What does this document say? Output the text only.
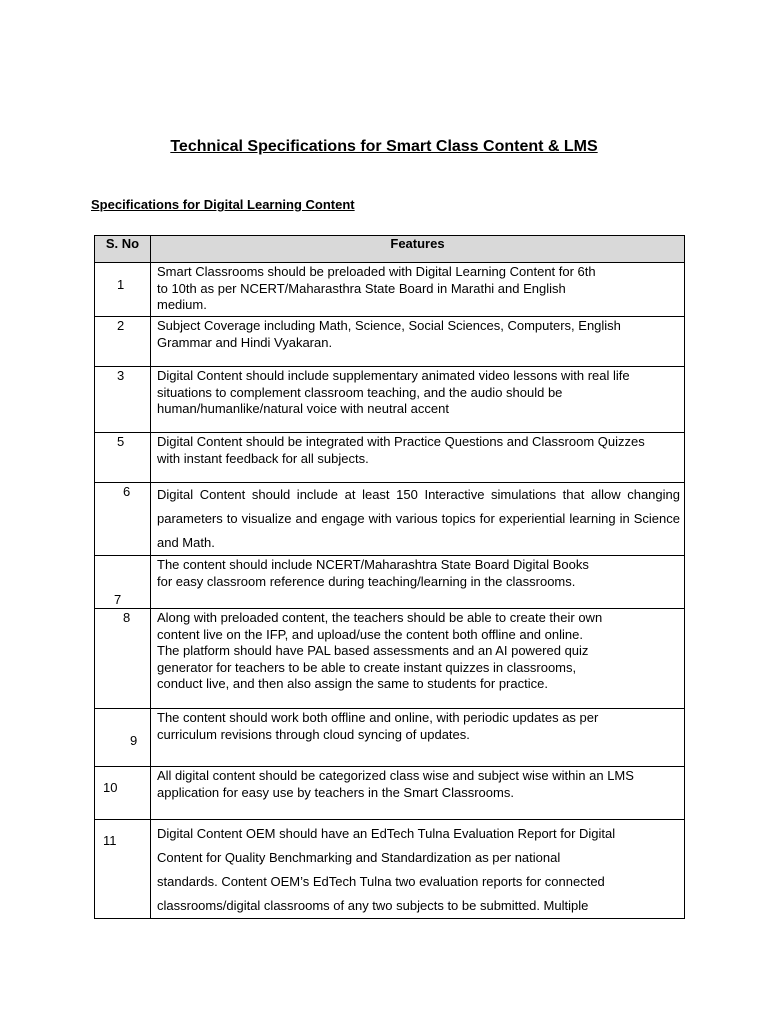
Technical Specifications for Smart Class Content & LMS
Specifications for Digital Learning Content
S. No	Features

1	Smart Classrooms should be preloaded with Digital Learning Content for 6th
to 10th as per NCERT/Maharasthra State Board in Marathi and English
medium.

2	Subject Coverage including Math, Science, Social Sciences, Computers, English
Grammar and Hindi Vyakaran.

3	Digital Content should include supplementary animated video lessons with real life
situations to complement classroom teaching, and the audio should be
human/humanlike/natural voice with neutral accent

5	Digital Content should be integrated with Practice Questions and Classroom Quizzes
with instant feedback for all subjects.

6	Digital Content should include at least 150 Interactive simulations that allow changing parameters to visualize and engage with various topics for experiential learning in Science and Math.

7	The content should include NCERT/Maharashtra State Board Digital Books
for easy classroom reference during teaching/learning in the classrooms.

8	Along with preloaded content, the teachers should be able to create their own
content live on the IFP, and upload/use the content both offline and online.
The platform should have PAL based assessments and an AI powered quiz
generator for teachers to be able to create instant quizzes in classrooms,
conduct live, and then also assign the same to students for practice.

9	The content should work both offline and online, with periodic updates as per
curriculum revisions through cloud syncing of updates.

10	All digital content should be categorized class wise and subject wise within an LMS
application for easy use by teachers in the Smart Classrooms.

11	Digital Content OEM should have an EdTech Tulna Evaluation Report for Digital
Content for Quality Benchmarking and Standardization as per national
standards. Content OEM’s EdTech Tulna two evaluation reports for connected
classrooms/digital classrooms of any two subjects to be submitted. Multiple
